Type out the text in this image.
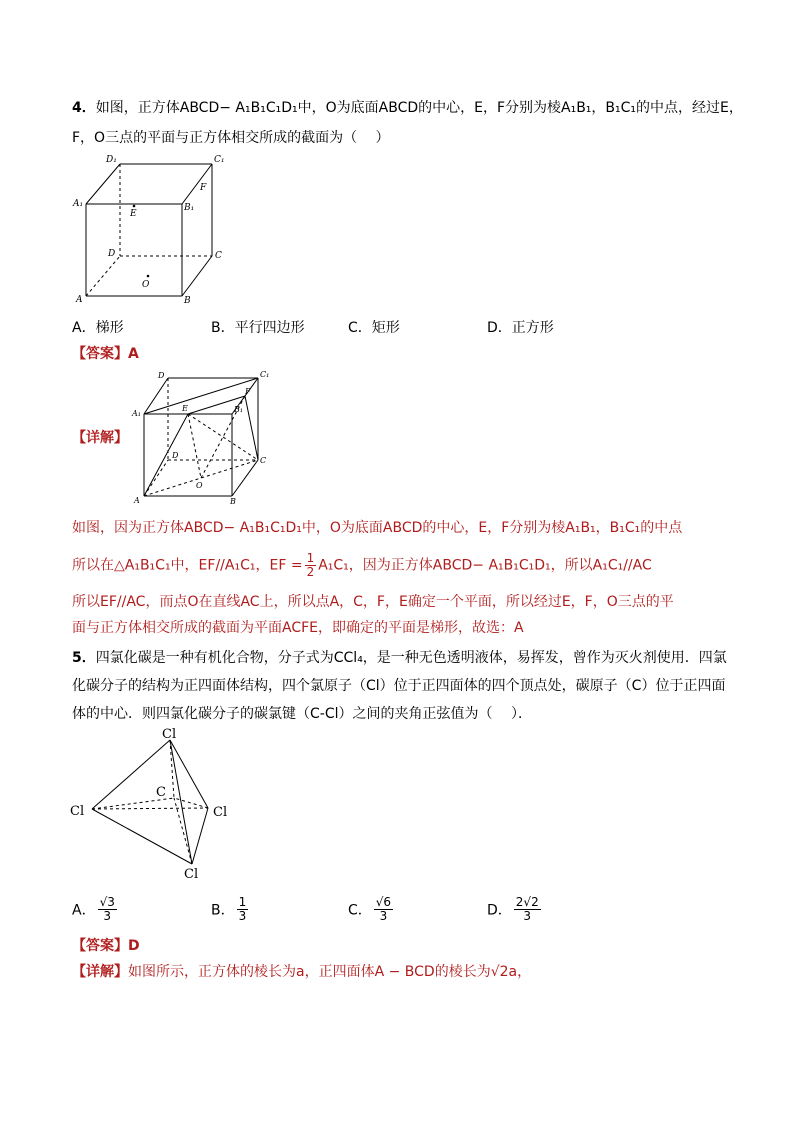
4．如图，正方体ABCD− A₁B₁C₁D₁中，O为底面ABCD的中心，E，F分别为棱A₁B₁，B₁C₁的中点，经过E，
F，O三点的平面与正方体相交所成的截面为（　 ）
D₁	C₁
A₁	B₁
E
F
D	C
A	B
O
A．梯形	B．平行四边形	C．矩形	D．正方形
【答案】A
【详解】
D	C₁
A₁	B₁
E
F
D
C
A	B
O
如图，因为正方体ABCD− A₁B₁C₁D₁中，O为底面ABCD的中心，E，F分别为棱A₁B₁，B₁C₁的中点
所以在△A₁B₁C₁中，EF//A₁C₁，EF = $\frac{1}{2} A_1C_1$，因为正方体ABCD− A₁B₁C₁D₁，所以A₁C₁//AC
所以EF//AC，而点O在直线AC上，所以点A，C，F，E确定一个平面，所以经过E，F，O三点的平
面与正方体相交所成的截面为平面ACFE，即确定的平面是梯形，故选：A
5．四氯化碳是一种有机化合物，分子式为CCl₄，是一种无色透明液体，易挥发，曾作为灭火剂使用．四氯
化碳分子的结构为正四面体结构，四个氯原子（Cl）位于正四面体的四个顶点处，碳原子（C）位于正四面
体的中心．则四氯化碳分子的碳氯键（C-Cl）之间的夹角正弦值为（　 ）．
Cl
Cl	Cl
Cl
C
A． $\frac{√3}{3}$	B． $\frac{1}{3}$	C． $\frac{√6}{3}$	D． $\frac{2√2}{3}$
【答案】D
【详解】如图所示，正方体的棱长为a，正四面体A − BCD的棱长为√2a，
